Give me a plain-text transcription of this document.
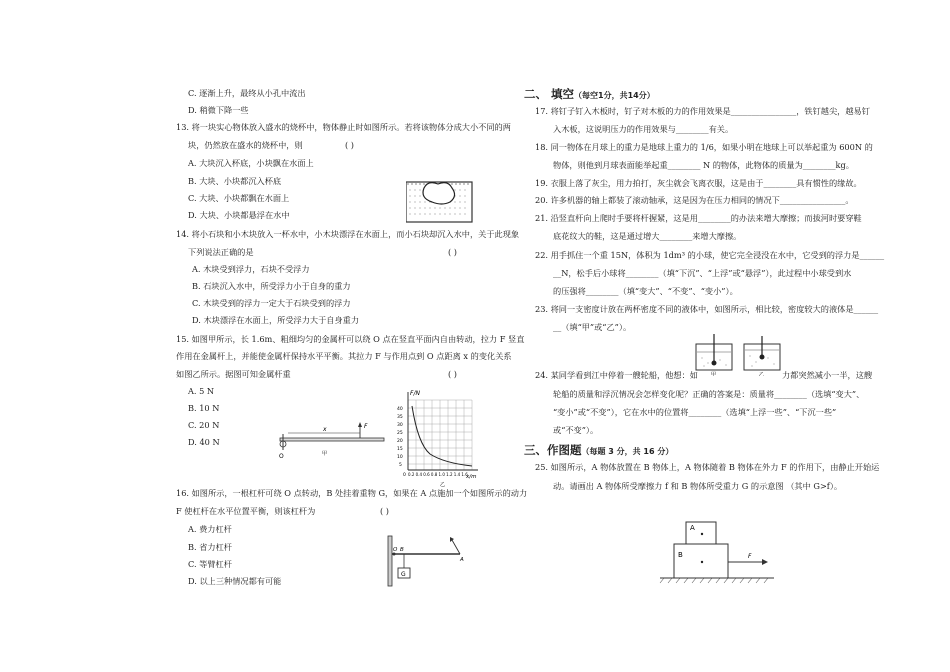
C. 逐渐上升，最终从小孔中流出
D. 稍微下降一些
13. 将一块实心物体放入盛水的烧杯中，物体静止时如图所示。若将该物体分成大小不同的两
块，仍然放在盛水的烧杯中，则	( )
A. 大块沉入杯底，小块飘在水面上
B. 大块、小块都沉入杯底
C. 大块、小块都飘在水面上
D. 大块、小块都悬浮在水中
14. 将小石块和小木块放入一杯水中，小木块漂浮在水面上，而小石块却沉入水中，关于此现象
下列说法正确的是	( )
A. 木块受到浮力，石块不受浮力
B. 石块沉入水中，所受浮力小于自身的重力
C. 木块受到的浮力一定大于石块受到的浮力
D. 木块漂浮在水面上，所受浮力大于自身重力
15. 如图甲所示，长 1.6m、粗细均匀的金属杆可以绕 O 点在竖直平面内自由转动，拉力 F 竖直
作用在金属杆上，并能使金属杆保持水平平衡。其拉力 F 与作用点到 O 点距离 x 的变化关系
如图乙所示。据图可知金属杆重	( )
A. 5 N
B. 10 N
C. 20 N
D. 40 N
x	F
O	甲
F/N
40
35
30
25
20
15
10
5
0 0.2 0.4 0.6 0.8 1.0 1.2 1.4 1.6
x/m
乙
16. 如图所示，一根杠杆可绕 O 点转动，B 处挂着重物 G，如果在 A 点施加一个如图所示的动力
F 使杠杆在水平位置平衡，则该杠杆为	( )
A. 费力杠杆
B. 省力杠杆
C. 等臂杠杆
D. 以上三种情况都有可能
O B
A
G
二、 填空（每空1分，共14分）
17. 将钉子钉入木板时，钉子对木板的力的作用效果是________________，铁钉越尖，越易钉
入木板，这说明压力的作用效果与________有关。
18. 同一物体在月球上的重力是地球上重力的 1/6，如果小明在地球上可以举起重为 600N 的
物体，则他到月球表面能举起重________ N 的物体，此物体的质量为________kg。
19. 衣服上落了灰尘，用力拍打，灰尘就会飞离衣服，这是由于________具有惯性的缘故。
20. 许多机器的轴上都装了滚动轴承，这是因为在压力相同的情况下________________。
21. 沿竖直杆向上爬时手要将杆握紧，这是用________的办法来增大摩擦；而拔河时要穿鞋
底花纹大的鞋，这是通过增大________来增大摩擦。
22. 用手抓住一个重 15N，体积为 1dm³ 的小球，使它完全浸没在水中，它受到的浮力是______
__N，松手后小球将________（填“下沉”、“上浮”或“悬浮”），此过程中小球受到水
的压强将________（填“变大”、“不变”、“变小”）。
23. 将同一支密度计放在两杯密度不同的液体中，如图所示，相比较，密度较大的液体是______
__（填“甲”或“乙”）。
甲	乙
24. 某同学看到江中停着一艘轮船，他想：如	力都突然减小一半，这艘
轮船的质量和浮沉情况会怎样变化呢？正确的答案是：质量将________（选填“变大”、
“变小”或“不变”），它在水中的位置将________（选填“上浮一些”、“下沉一些”
或“不变”）。
三、作图题（每题 3 分，共 16 分）
25. 如图所示，A 物体放置在 B 物体上，A 物体随着 B 物体在外力 F 的作用下，由静止开始运
动。请画出 A 物体所受摩擦力 f 和 B 物体所受重力 G 的示意图 （其中 G>f）。
A
B	F
